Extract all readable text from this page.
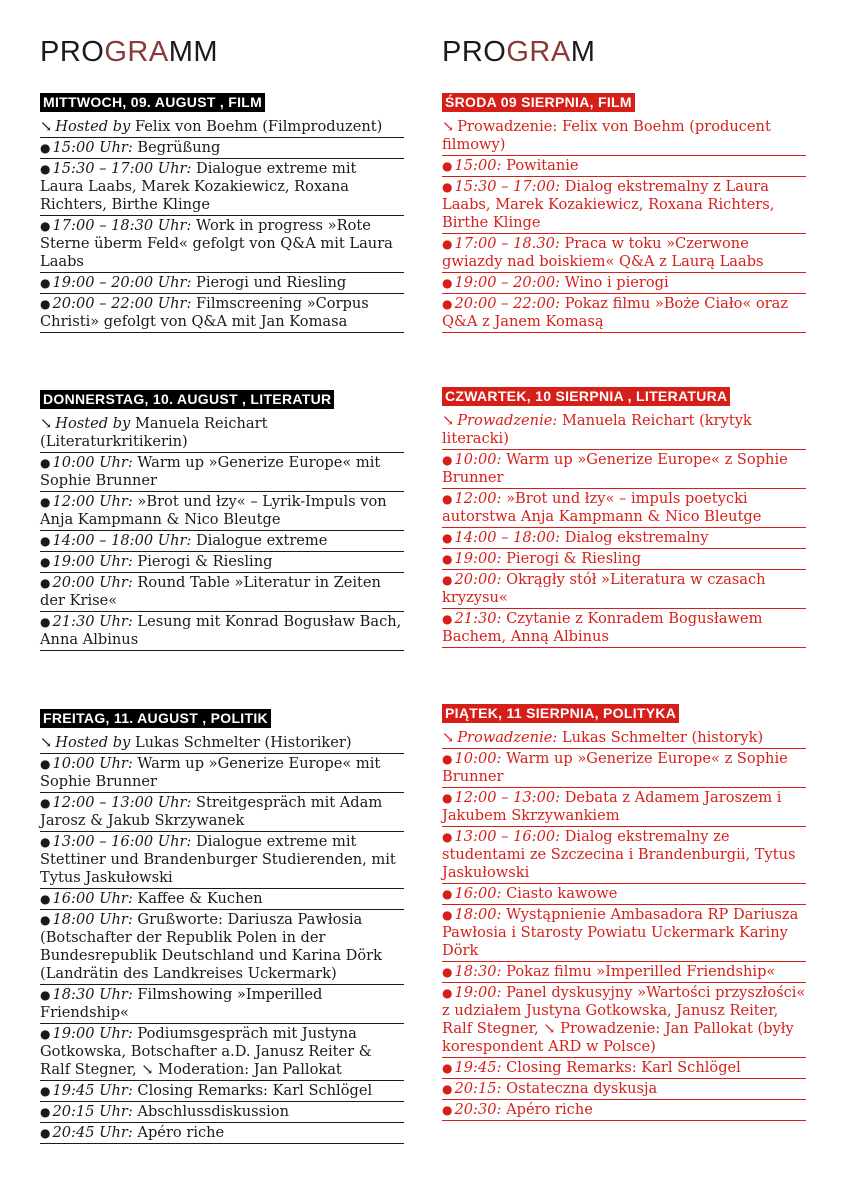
PROGRAMM
MITTWOCH, 09. AUGUST , FILM
↘ Hosted by Felix von Boehm (Filmproduzent)
● 15:00 Uhr: Begrüßung
● 15:30 – 17:00 Uhr: Dialogue extreme mit Laura Laabs, Marek Kozakiewicz, Roxana Richters, Birthe Klinge
● 17:00 – 18:30 Uhr: Work in progress »Rote Sterne überm Feld« gefolgt von Q&A mit Laura Laabs
● 19:00 – 20:00 Uhr: Pierogi und Riesling
● 20:00 – 22:00 Uhr: Filmscreening »Corpus Christi» gefolgt von Q&A mit Jan Komasa
DONNERSTAG, 10. AUGUST , LITERATUR
↘ Hosted by Manuela Reichart (Literaturkritikerin)
● 10:00 Uhr: Warm up »Generize Europe« mit Sophie Brunner
● 12:00 Uhr: »Brot und łzy« – Lyrik-Impuls von Anja Kampmann & Nico Bleutge
● 14:00 – 18:00 Uhr: Dialogue extreme
● 19:00 Uhr: Pierogi & Riesling
● 20:00 Uhr: Round Table »Literatur in Zeiten der Krise«
● 21:30 Uhr: Lesung mit Konrad Bogusław Bach, Anna Albinus
FREITAG, 11. AUGUST , POLITIK
↘ Hosted by Lukas Schmelter (Historiker)
● 10:00 Uhr: Warm up »Generize Europe« mit Sophie Brunner
● 12:00 – 13:00 Uhr: Streitgespräch mit Adam Jarosz & Jakub Skrzywanek
● 13:00 – 16:00 Uhr: Dialogue extreme mit Stettiner und Brandenburger Studierenden, mit Tytus Jaskułowski
● 16:00 Uhr: Kaffee & Kuchen
● 18:00 Uhr: Grußworte: Dariusza Pawłosia (Botschafter der Republik Polen in der Bundesrepublik Deutschland und Karina Dörk (Landrätin des Landkreises Uckermark)
● 18:30 Uhr: Filmshowing »Imperilled Friendship«
● 19:00 Uhr: Podiumsgespräch mit Justyna Gotkowska, Botschafter a.D. Janusz Reiter & Ralf Stegner, ↘ Moderation: Jan Pallokat
● 19:45 Uhr: Closing Remarks: Karl Schlögel
● 20:15 Uhr: Abschlussdiskussion
● 20:45 Uhr: Apéro riche
PROGRAM
ŚRODA 09 SIERPNIA, FILM
↘ Prowadzenie: Felix von Boehm (producent filmowy)
● 15:00: Powitanie
● 15:30 – 17:00: Dialog ekstremalny z Laura Laabs, Marek Kozakiewicz, Roxana Richters, Birthe Klinge
● 17:00 – 18.30: Praca w toku »Czerwone gwiazdy nad boiskiem« Q&A z Laurą Laabs
● 19:00 – 20:00: Wino i pierogi
● 20:00 – 22:00: Pokaz filmu »Boże Ciało« oraz Q&A z Janem Komasą
CZWARTEK, 10 SIERPNIA , LITERATURA
↘ Prowadzenie: Manuela Reichart (krytyk literacki)
● 10:00: Warm up »Generize Europe« z Sophie Brunner
● 12:00: »Brot und łzy« – impuls poetycki autorstwa Anja Kampmann & Nico Bleutge
● 14:00 – 18:00: Dialog ekstremalny
● 19:00: Pierogi & Riesling
● 20:00: Okrągły stół »Literatura w czasach kryzysu«
● 21:30: Czytanie z Konradem Bogusławem Bachem, Anną Albinus
PIĄTEK, 11 SIERPNIA, POLITYKA
↘ Prowadzenie: Lukas Schmelter (historyk)
● 10:00: Warm up »Generize Europe« z Sophie Brunner
● 12:00 – 13:00: Debata z Adamem Jaroszem i Jakubem Skrzywankiem
● 13:00 – 16:00: Dialog ekstremalny ze studentami ze Szczecina i Brandenburgii, Tytus Jaskułowski
● 16:00: Ciasto kawowe
● 18:00: Wystąpnienie Ambasadora RP Dariusza Pawłosia i Starosty Powiatu Uckermark Kariny Dörk
● 18:30: Pokaz filmu »Imperilled Friendship«
● 19:00: Panel dyskusyjny »Wartości przyszłości« z udziałem Justyna Gotkowska, Janusz Reiter, Ralf Stegner, ↘ Prowadzenie: Jan Pallokat (były korespondent ARD w Polsce)
● 19:45: Closing Remarks: Karl Schlögel
● 20:15: Ostateczna dyskusja
● 20:30: Apéro riche
